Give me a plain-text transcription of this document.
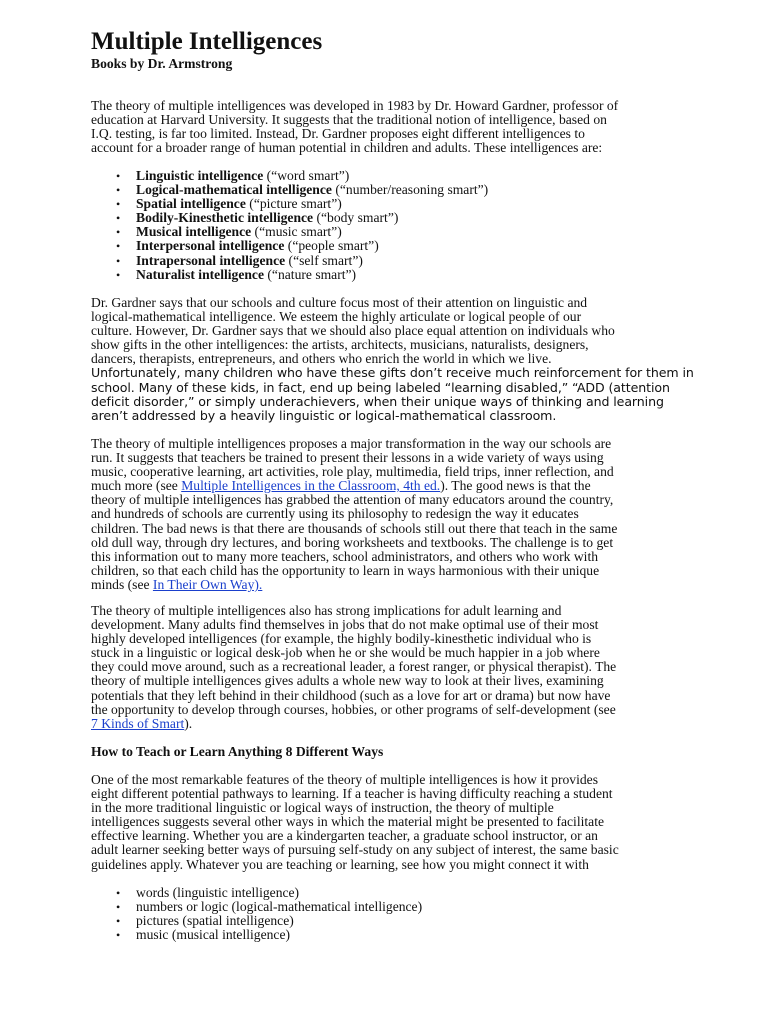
Multiple Intelligences
Books by Dr. Armstrong

The theory of multiple intelligences was developed in 1983 by Dr. Howard Gardner, professor of
education at Harvard University. It suggests that the traditional notion of intelligence, based on
I.Q. testing, is far too limited. Instead, Dr. Gardner proposes eight different intelligences to
account for a broader range of human potential in children and adults. These intelligences are:

• Linguistic intelligence (“word smart”)
• Logical-mathematical intelligence (“number/reasoning smart”)
• Spatial intelligence (“picture smart”)
• Bodily-Kinesthetic intelligence (“body smart”)
• Musical intelligence (“music smart”)
• Interpersonal intelligence (“people smart”)
• Intrapersonal intelligence (“self smart”)
• Naturalist intelligence (“nature smart”)

Dr. Gardner says that our schools and culture focus most of their attention on linguistic and
logical-mathematical intelligence. We esteem the highly articulate or logical people of our
culture. However, Dr. Gardner says that we should also place equal attention on individuals who
show gifts in the other intelligences: the artists, architects, musicians, naturalists, designers,
dancers, therapists, entrepreneurs, and others who enrich the world in which we live.
Unfortunately, many children who have these gifts don’t receive much reinforcement for them in
school. Many of these kids, in fact, end up being labeled “learning disabled,” “ADD (attention
deficit disorder,” or simply underachievers, when their unique ways of thinking and learning
aren’t addressed by a heavily linguistic or logical-mathematical classroom.

The theory of multiple intelligences proposes a major transformation in the way our schools are
run. It suggests that teachers be trained to present their lessons in a wide variety of ways using
music, cooperative learning, art activities, role play, multimedia, field trips, inner reflection, and
much more (see Multiple Intelligences in the Classroom, 4th ed.). The good news is that the
theory of multiple intelligences has grabbed the attention of many educators around the country,
and hundreds of schools are currently using its philosophy to redesign the way it educates
children. The bad news is that there are thousands of schools still out there that teach in the same
old dull way, through dry lectures, and boring worksheets and textbooks. The challenge is to get
this information out to many more teachers, school administrators, and others who work with
children, so that each child has the opportunity to learn in ways harmonious with their unique
minds (see In Their Own Way).

The theory of multiple intelligences also has strong implications for adult learning and
development. Many adults find themselves in jobs that do not make optimal use of their most
highly developed intelligences (for example, the highly bodily-kinesthetic individual who is
stuck in a linguistic or logical desk-job when he or she would be much happier in a job where
they could move around, such as a recreational leader, a forest ranger, or physical therapist). The
theory of multiple intelligences gives adults a whole new way to look at their lives, examining
potentials that they left behind in their childhood (such as a love for art or drama) but now have
the opportunity to develop through courses, hobbies, or other programs of self-development (see
7 Kinds of Smart).

How to Teach or Learn Anything 8 Different Ways

One of the most remarkable features of the theory of multiple intelligences is how it provides
eight different potential pathways to learning. If a teacher is having difficulty reaching a student
in the more traditional linguistic or logical ways of instruction, the theory of multiple
intelligences suggests several other ways in which the material might be presented to facilitate
effective learning. Whether you are a kindergarten teacher, a graduate school instructor, or an
adult learner seeking better ways of pursuing self-study on any subject of interest, the same basic
guidelines apply. Whatever you are teaching or learning, see how you might connect it with

• words (linguistic intelligence)
• numbers or logic (logical-mathematical intelligence)
• pictures (spatial intelligence)
• music (musical intelligence)
